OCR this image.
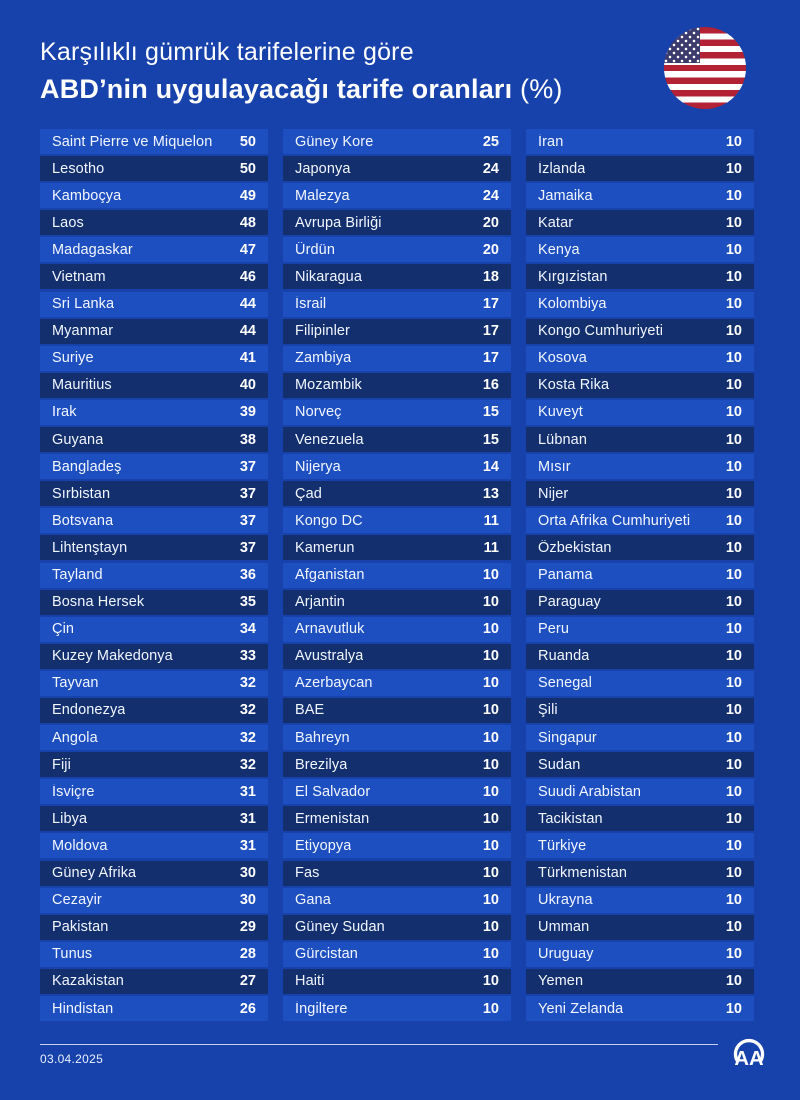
Karşılıklı gümrük tarifelerine göre
ABD’nin uygulayacağı tarife oranları (%)
Saint Pierre ve Miquelon 50
Lesotho	50
Kamboçya	49
Laos	48
Madagaskar	47
Vietnam	46
Sri Lanka	44
Myanmar	44
Suriye	41
Mauritius	40
Irak	39
Guyana	38
Bangladeş	37
Sırbistan	37
Botsvana	37
Lihtenştayn	37
Tayland	36
Bosna Hersek	35
Çin	34
Kuzey Makedonya	33
Tayvan	32
Endonezya	32
Angola	32
Fiji	32
İsviçre	31
Libya	31
Moldova	31
Güney Afrika	30
Cezayir	30
Pakistan	29
Tunus	28
Kazakistan	27
Hindistan	26
Güney Kore	25
Japonya	24
Malezya	24
Avrupa Birliği	20
Ürdün	20
Nikaragua	18
İsrail	17
Filipinler	17
Zambiya	17
Mozambik	16
Norveç	15
Venezuela	15
Nijerya	14
Çad	13
Kongo DC	11
Kamerun	11
Afganistan	10
Arjantin	10
Arnavutluk	10
Avustralya	10
Azerbaycan	10
BAE	10
Bahreyn	10
Brezilya	10
El Salvador	10
Ermenistan	10
Etiyopya	10
Fas	10
Gana	10
Güney Sudan	10
Gürcistan	10
Haiti	10
İngiltere	10
İran	10
İzlanda	10
Jamaika	10
Katar	10
Kenya	10
Kırgızistan	10
Kolombiya	10
Kongo Cumhuriyeti	10
Kosova	10
Kosta Rika	10
Kuveyt	10
Lübnan	10
Mısır	10
Nijer	10
Orta Afrika Cumhuriyeti 10
Özbekistan	10
Panama	10
Paraguay	10
Peru	10
Ruanda	10
Senegal	10
Şili	10
Singapur	10
Sudan	10
Suudi Arabistan	10
Tacikistan	10
Türkiye	10
Türkmenistan	10
Ukrayna	10
Umman	10
Uruguay	10
Yemen	10
Yeni Zelanda	10
03.04.2025	AA
